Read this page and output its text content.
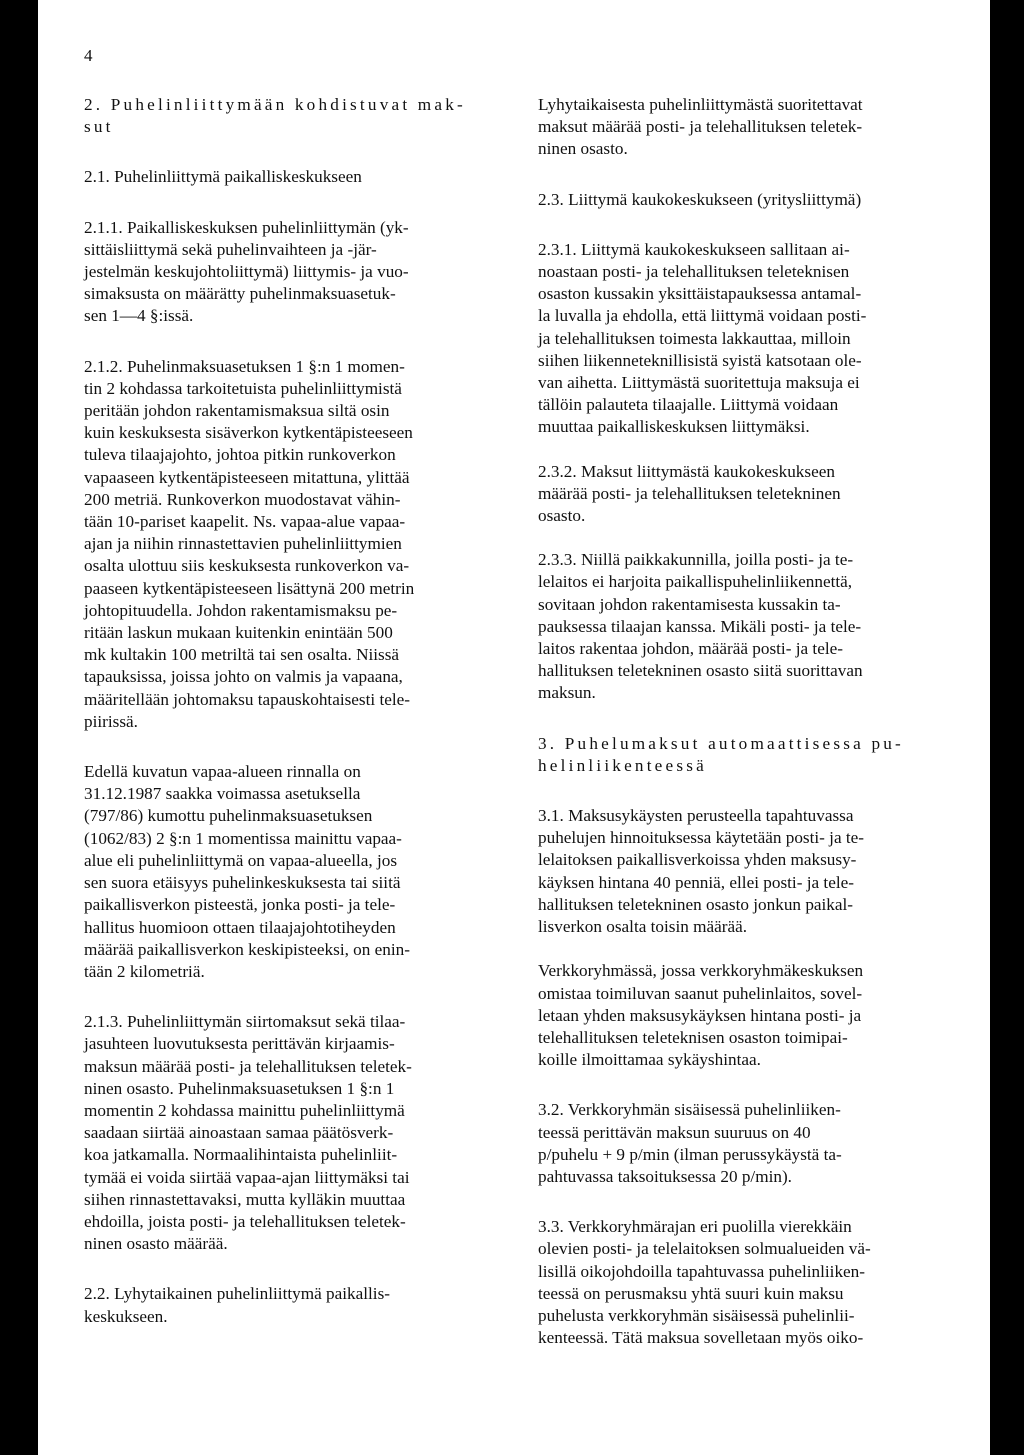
4
2. Puhelinliittymään kohdistuvat mak-
sut
2.1. Puhelinliittymä paikalliskeskukseen
2.1.1. Paikalliskeskuksen puhelinliittymän (yk-
sittäisliittymä sekä puhelinvaihteen ja -jär-
jestelmän keskujohtoliittymä) liittymis- ja vuo-
simaksusta on määrätty puhelinmaksuasetuk-
sen 1—4 §:issä.
2.1.2. Puhelinmaksuasetuksen 1 §:n 1 momen-
tin 2 kohdassa tarkoitetuista puhelinliittymistä
peritään johdon rakentamismaksua siltä osin
kuin keskuksesta sisäverkon kytkentäpisteeseen
tuleva tilaajajohto, johtoa pitkin runkoverkon
vapaaseen kytkentäpisteeseen mitattuna, ylittää
200 metriä. Runkoverkon muodostavat vähin-
tään 10-pariset kaapelit. Ns. vapaa-alue vapaa-
ajan ja niihin rinnastettavien puhelinliittymien
osalta ulottuu siis keskuksesta runkoverkon va-
paaseen kytkentäpisteeseen lisättynä 200 metrin
johtopituudella. Johdon rakentamismaksu pe-
ritään laskun mukaan kuitenkin enintään 500
mk kultakin 100 metriltä tai sen osalta. Niissä
tapauksissa, joissa johto on valmis ja vapaana,
määritellään johtomaksu tapauskohtaisesti tele-
piirissä.
Edellä kuvatun vapaa-alueen rinnalla on
31.12.1987 saakka voimassa asetuksella
(797/86) kumottu puhelinmaksuasetuksen
(1062/83) 2 §:n 1 momentissa mainittu vapaa-
alue eli puhelinliittymä on vapaa-alueella, jos
sen suora etäisyys puhelinkeskuksesta tai siitä
paikallisverkon pisteestä, jonka posti- ja tele-
hallitus huomioon ottaen tilaajajohtotiheyden
määrää paikallisverkon keskipisteeksi, on enin-
tään 2 kilometriä.
2.1.3. Puhelinliittymän siirtomaksut sekä tilaa-
jasuhteen luovutuksesta perittävän kirjaamis-
maksun määrää posti- ja telehallituksen teletek-
ninen osasto. Puhelinmaksuasetuksen 1 §:n 1
momentin 2 kohdassa mainittu puhelinliittymä
saadaan siirtää ainoastaan samaa päätösverk-
koa jatkamalla. Normaalihintaista puhelinliit-
tymää ei voida siirtää vapaa-ajan liittymäksi tai
siihen rinnastettavaksi, mutta kylläkin muuttaa
ehdoilla, joista posti- ja telehallituksen teletek-
ninen osasto määrää.
2.2. Lyhytaikainen puhelinliittymä paikallis-
keskukseen.
Lyhytaikaisesta puhelinliittymästä suoritettavat
maksut määrää posti- ja telehallituksen teletek-
ninen osasto.
2.3. Liittymä kaukokeskukseen (yritysliittymä)
2.3.1. Liittymä kaukokeskukseen sallitaan ai-
noastaan posti- ja telehallituksen teleteknisen
osaston kussakin yksittäistapauksessa antamal-
la luvalla ja ehdolla, että liittymä voidaan posti-
ja telehallituksen toimesta lakkauttaa, milloin
siihen liikenneteknillisistä syistä katsotaan ole-
van aihetta. Liittymästä suoritettuja maksuja ei
tällöin palauteta tilaajalle. Liittymä voidaan
muuttaa paikalliskeskuksen liittymäksi.
2.3.2. Maksut liittymästä kaukokeskukseen
määrää posti- ja telehallituksen teletekninen
osasto.
2.3.3. Niillä paikkakunnilla, joilla posti- ja te-
lelaitos ei harjoita paikallispuhelinliikennettä,
sovitaan johdon rakentamisesta kussakin ta-
pauksessa tilaajan kanssa. Mikäli posti- ja tele-
laitos rakentaa johdon, määrää posti- ja tele-
hallituksen teletekninen osasto siitä suorittavan
maksun.
3. Puhelumaksut automaattisessa pu-
helinliikenteessä
3.1. Maksusykäysten perusteella tapahtuvassa
puhelujen hinnoituksessa käytetään posti- ja te-
lelaitoksen paikallisverkoissa yhden maksusy-
käyksen hintana 40 penniä, ellei posti- ja tele-
hallituksen teletekninen osasto jonkun paikal-
lisverkon osalta toisin määrää.
Verkkoryhmässä, jossa verkkoryhmäkeskuksen
omistaa toimiluvan saanut puhelinlaitos, sovel-
letaan yhden maksusykäyksen hintana posti- ja
telehallituksen teleteknisen osaston toimipai-
koille ilmoittamaa sykäyshintaa.
3.2. Verkkoryhmän sisäisessä puhelinliiken-
teessä perittävän maksun suuruus on 40
p/puhelu + 9 p/min (ilman perussykäystä ta-
pahtuvassa taksoituksessa 20 p/min).
3.3. Verkkoryhmärajan eri puolilla vierekkäin
olevien posti- ja telelaitoksen solmualueiden vä-
lisillä oikojohdoilla tapahtuvassa puhelinliiken-
teessä on perusmaksu yhtä suuri kuin maksu
puhelusta verkkoryhmän sisäisessä puhelinlii-
kenteessä. Tätä maksua sovelletaan myös oiko-
